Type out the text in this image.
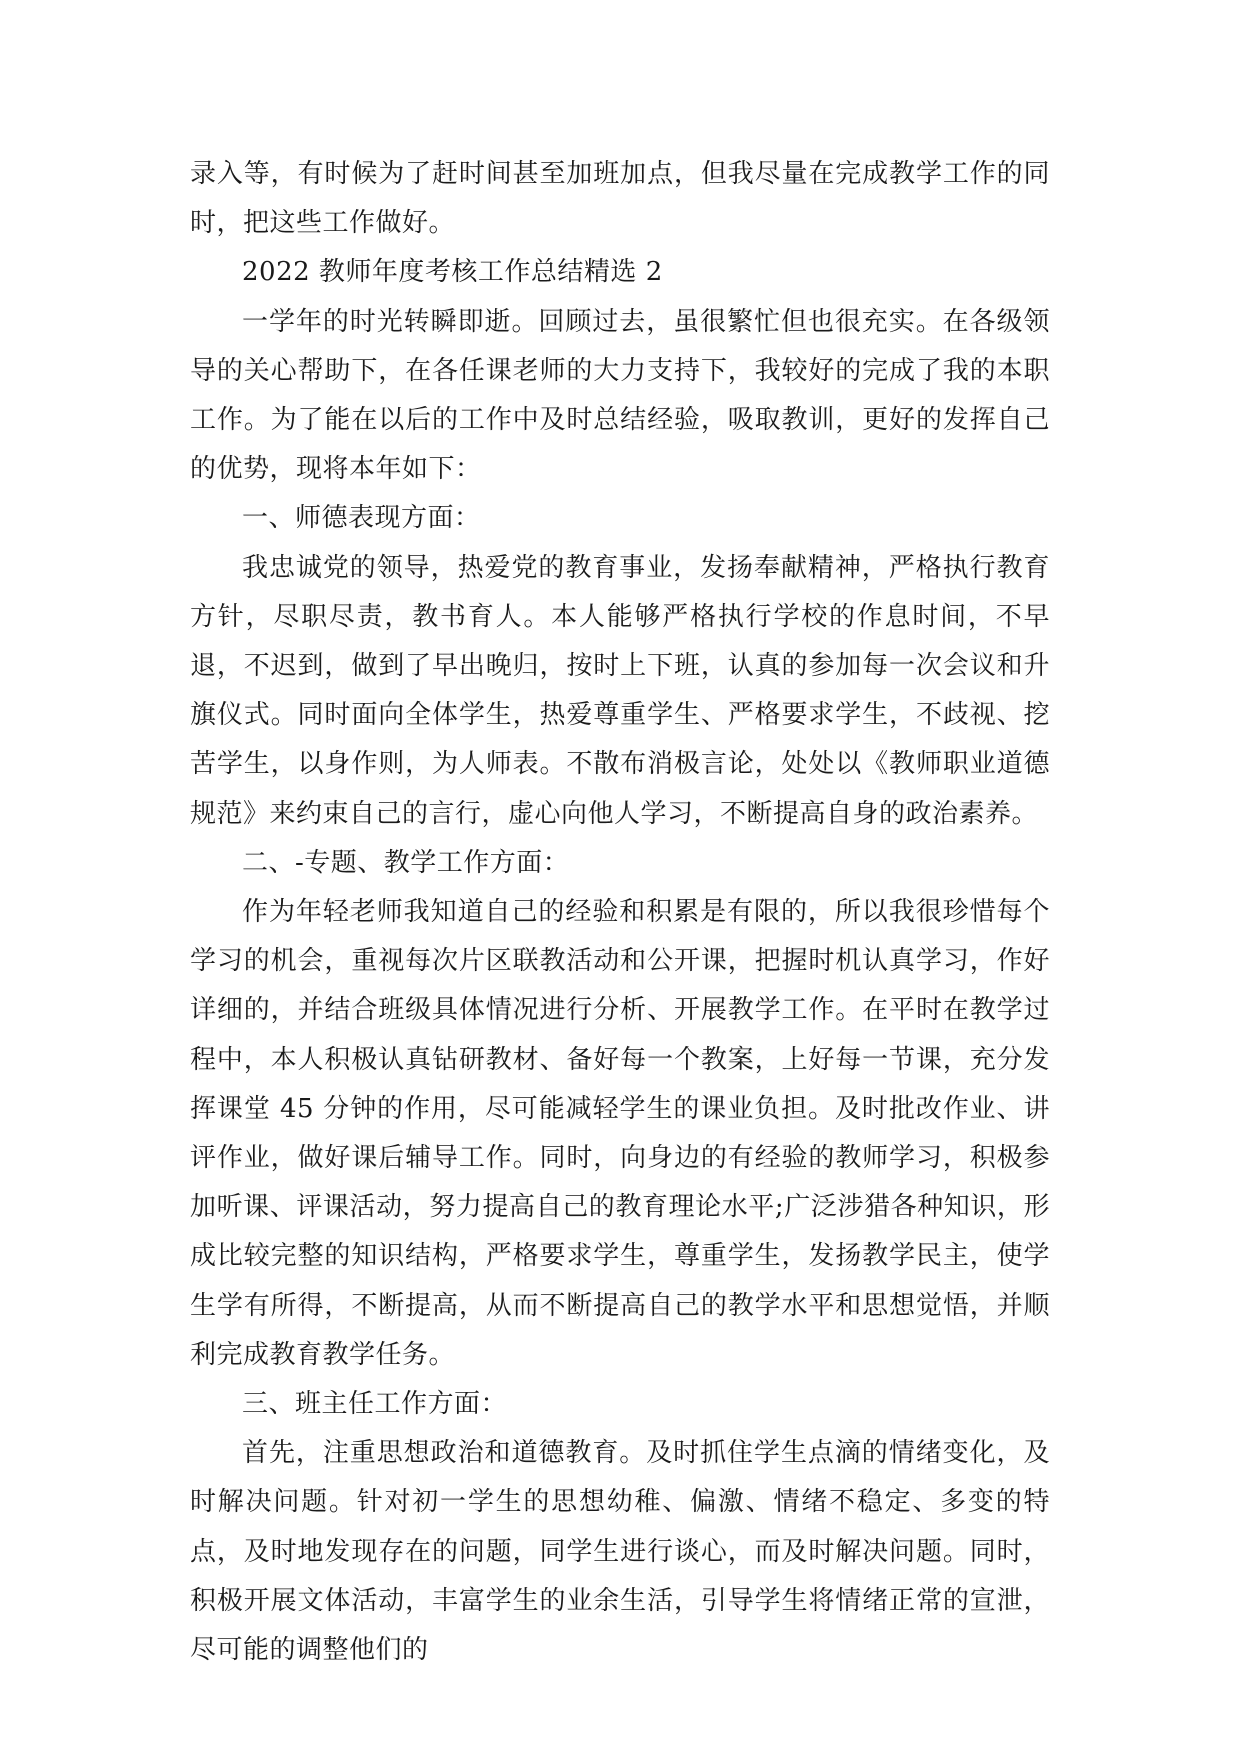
录入等，有时候为了赶时间甚至加班加点，但我尽量在完成教学工作的同时，把这些工作做好。

2022 教师年度考核工作总结精选 2

一学年的时光转瞬即逝。回顾过去，虽很繁忙但也很充实。在各级领导的关心帮助下，在各任课老师的大力支持下，我较好的完成了我的本职工作。为了能在以后的工作中及时总结经验，吸取教训，更好的发挥自己的优势，现将本年如下：

一、师德表现方面：

我忠诚党的领导，热爱党的教育事业，发扬奉献精神，严格执行教育方针，尽职尽责，教书育人。本人能够严格执行学校的作息时间，不早退，不迟到，做到了早出晚归，按时上下班，认真的参加每一次会议和升旗仪式。同时面向全体学生，热爱尊重学生、严格要求学生，不歧视、挖苦学生，以身作则，为人师表。不散布消极言论，处处以《教师职业道德规范》来约束自己的言行，虚心向他人学习，不断提高自身的政治素养。

二、-专题、教学工作方面：

作为年轻老师我知道自己的经验和积累是有限的，所以我很珍惜每个学习的机会，重视每次片区联教活动和公开课，把握时机认真学习，作好详细的，并结合班级具体情况进行分析、开展教学工作。在平时在教学过程中，本人积极认真钻研教材、备好每一个教案，上好每一节课，充分发挥课堂 45 分钟的作用，尽可能减轻学生的课业负担。及时批改作业、讲评作业，做好课后辅导工作。同时，向身边的有经验的教师学习，积极参加听课、评课活动，努力提高自己的教育理论水平;广泛涉猎各种知识，形成比较完整的知识结构，严格要求学生，尊重学生，发扬教学民主，使学生学有所得，不断提高，从而不断提高自己的教学水平和思想觉悟，并顺利完成教育教学任务。

三、班主任工作方面：

首先，注重思想政治和道德教育。及时抓住学生点滴的情绪变化，及时解决问题。针对初一学生的思想幼稚、偏激、情绪不稳定、多变的特点，及时地发现存在的问题，同学生进行谈心，而及时解决问题。同时，积极开展文体活动，丰富学生的业余生活，引导学生将情绪正常的宣泄，尽可能的调整他们的
